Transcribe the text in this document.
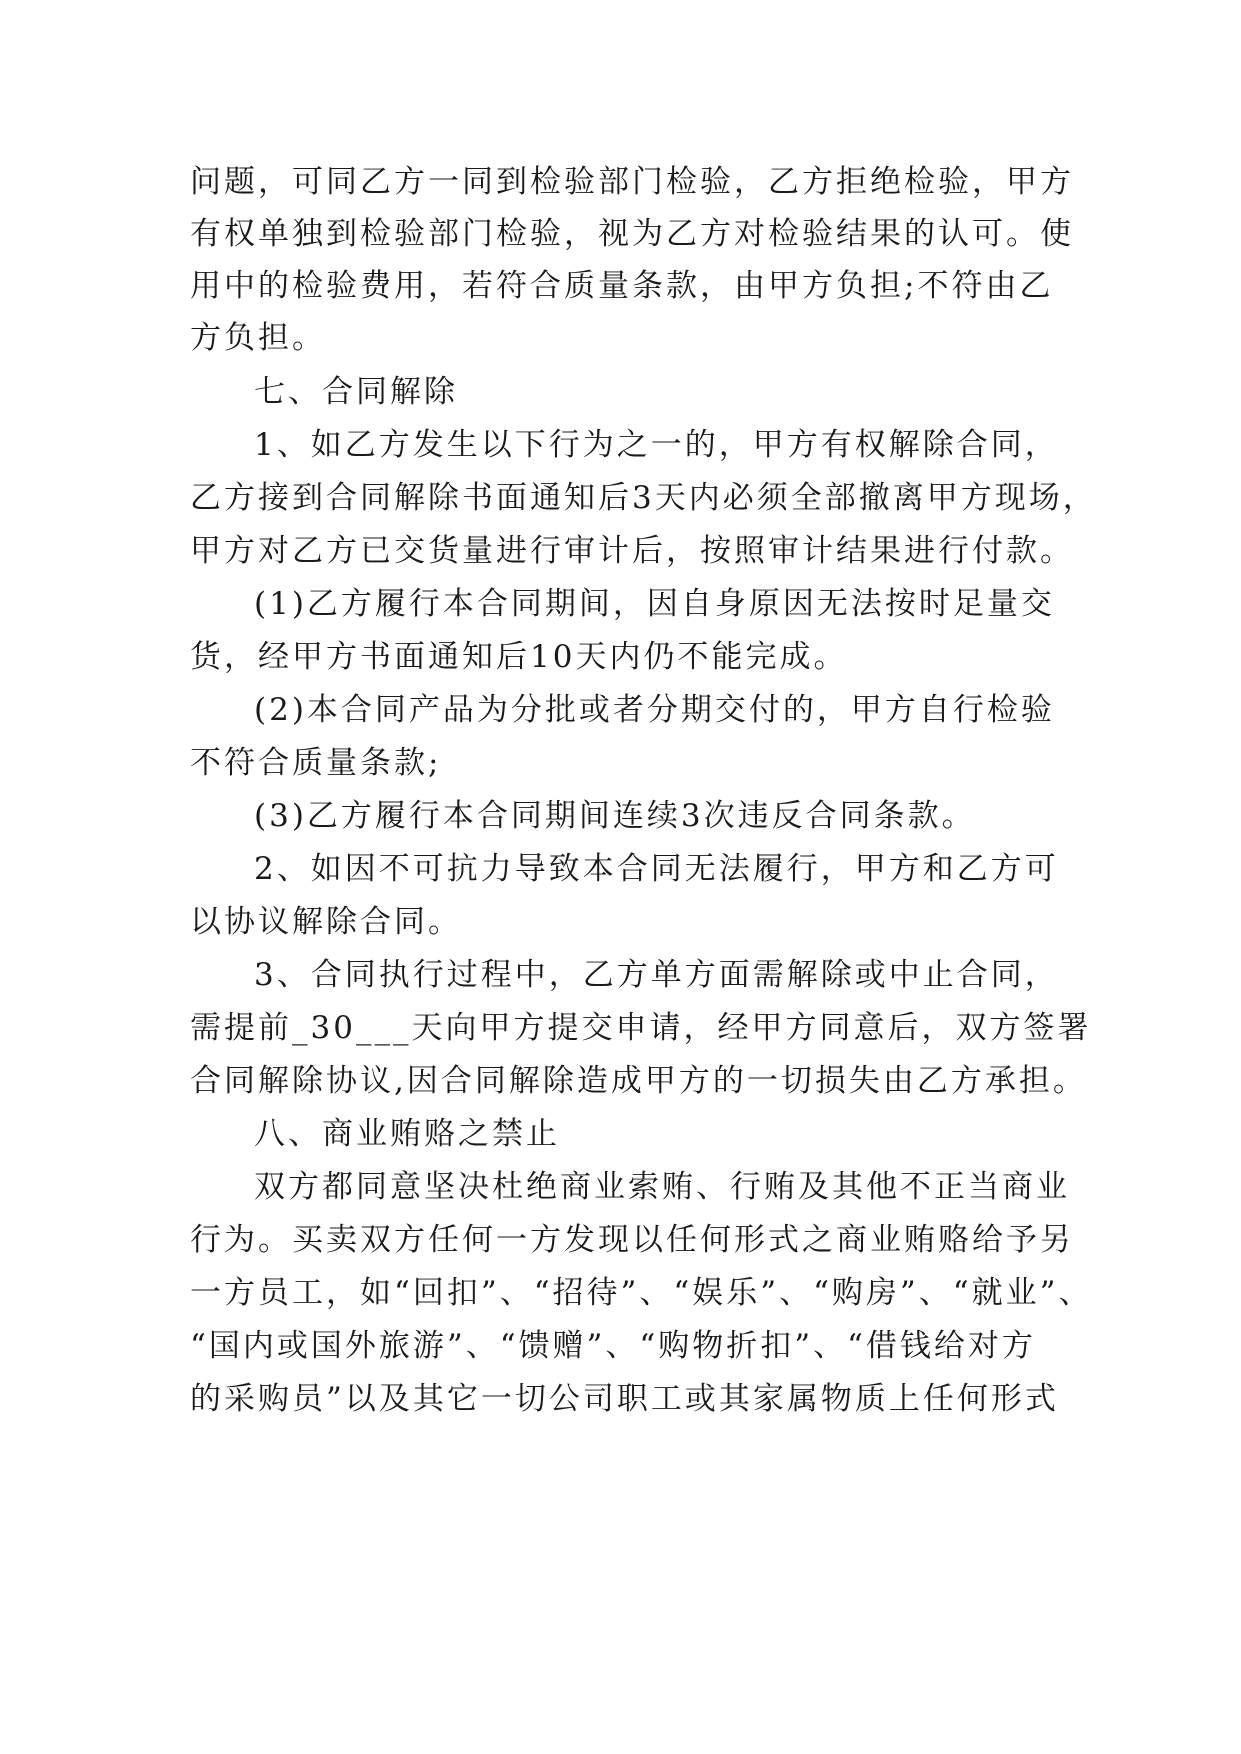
问题，可同乙方一同到检验部门检验，乙方拒绝检验，甲方
有权单独到检验部门检验，视为乙方对检验结果的认可。使
用中的检验费用，若符合质量条款，由甲方负担;不符由乙
方负担。
七、合同解除
1、如乙方发生以下行为之一的，甲方有权解除合同，
乙方接到合同解除书面通知后3天内必须全部撤离甲方现场，
甲方对乙方已交货量进行审计后，按照审计结果进行付款。
(1)乙方履行本合同期间，因自身原因无法按时足量交
货，经甲方书面通知后10天内仍不能完成。
(2)本合同产品为分批或者分期交付的，甲方自行检验
不符合质量条款;
(3)乙方履行本合同期间连续3次违反合同条款。
2、如因不可抗力导致本合同无法履行，甲方和乙方可
以协议解除合同。
3、合同执行过程中，乙方单方面需解除或中止合同，
需提前_30___天向甲方提交申请，经甲方同意后，双方签署
合同解除协议,因合同解除造成甲方的一切损失由乙方承担。
八、商业贿赂之禁止
双方都同意坚决杜绝商业索贿、行贿及其他不正当商业
行为。买卖双方任何一方发现以任何形式之商业贿赂给予另
一方员工，如“回扣”、“招待”、“娱乐”、“购房”、“就业”、
“国内或国外旅游”、“馈赠”、“购物折扣”、“借钱给对方
的采购员”以及其它一切公司职工或其家属物质上任何形式
